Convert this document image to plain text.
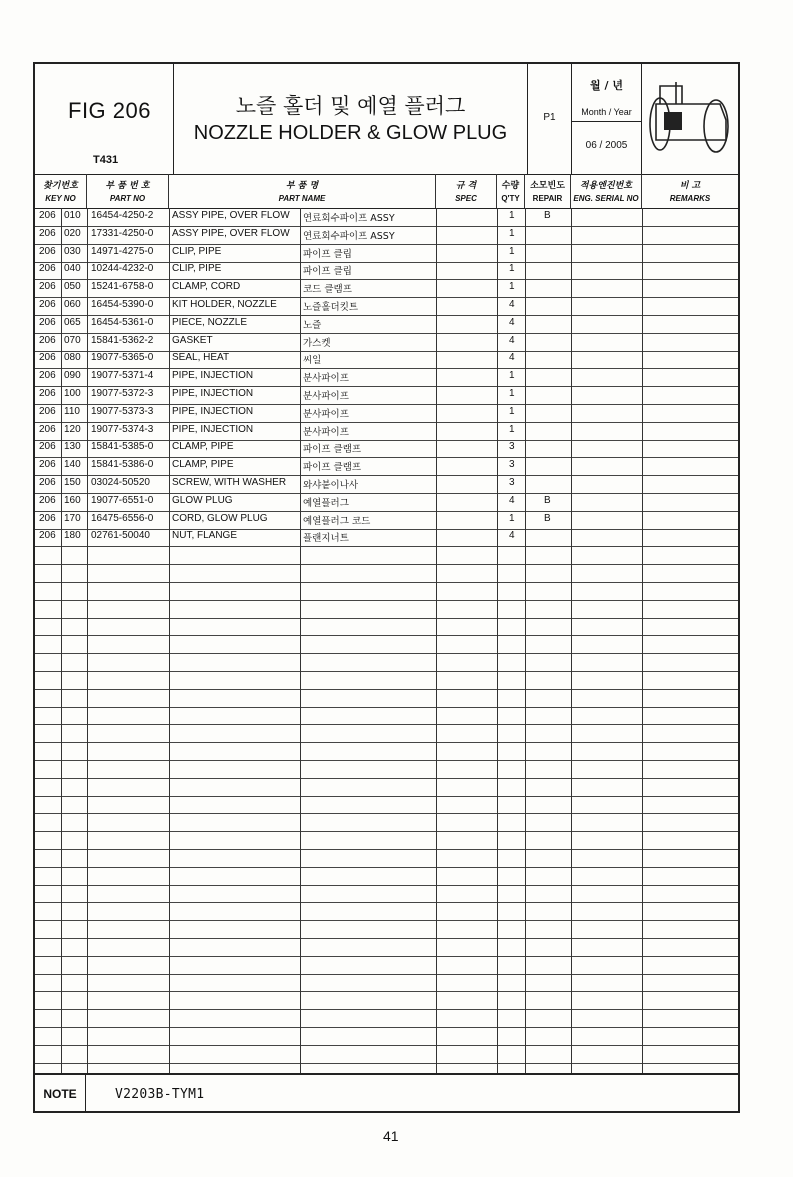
FIG 206
T431
노즐 홀더 및 예열 플러그
NOZZLE HOLDER & GLOW PLUG
P1
월 / 년
Month / Year
06 / 2005
찾기번호
KEY NO
부 품 번 호
PART NO
부 품 명
PART NAME
규 격
SPEC
수량
Q'TY
소모빈도
REPAIR
적용엔진번호
ENG. SERIAL NO
비 고
REMARKS
206 010 16454-4250-2 ASSY PIPE, OVER FLOW 연료회수파이프 ASSY	1	B
206 020 17331-4250-0 ASSY PIPE, OVER FLOW 연료회수파이프 ASSY	1
206 030 14971-4275-0 CLIP, PIPE	파이프 클립	1
206 040 10244-4232-0 CLIP, PIPE	파이프 클립	1
206 050 15241-6758-0 CLAMP, CORD	코드 클램프	1
206 060 16454-5390-0 KIT HOLDER, NOZZLE	노즐홀더킷트	4
206 065 16454-5361-0 PIECE, NOZZLE	노즐	4
206 070 15841-5362-2 GASKET	가스켓	4
206 080 19077-5365-0 SEAL, HEAT	씨일	4
206 090 19077-5371-4 PIPE, INJECTION	분사파이프	1
206 100 19077-5372-3 PIPE, INJECTION	분사파이프	1
206 110 19077-5373-3 PIPE, INJECTION	분사파이프	1
206 120 19077-5374-3 PIPE, INJECTION	분사파이프	1
206 130 15841-5385-0 CLAMP, PIPE	파이프 클램프	3
206 140 15841-5386-0 CLAMP, PIPE	파이프 클램프	3
206 150 03024-50520 SCREW, WITH WASHER 와샤붙이나사	3
206 160 19077-6551-0 GLOW PLUG	예열플러그	4	B
206 170 16475-6556-0 CORD, GLOW PLUG	예열플러그 코드	1	B
206 180 02761-50040 NUT, FLANGE	플랜지너트	4
NOTE	V2203B-TYM1
41
